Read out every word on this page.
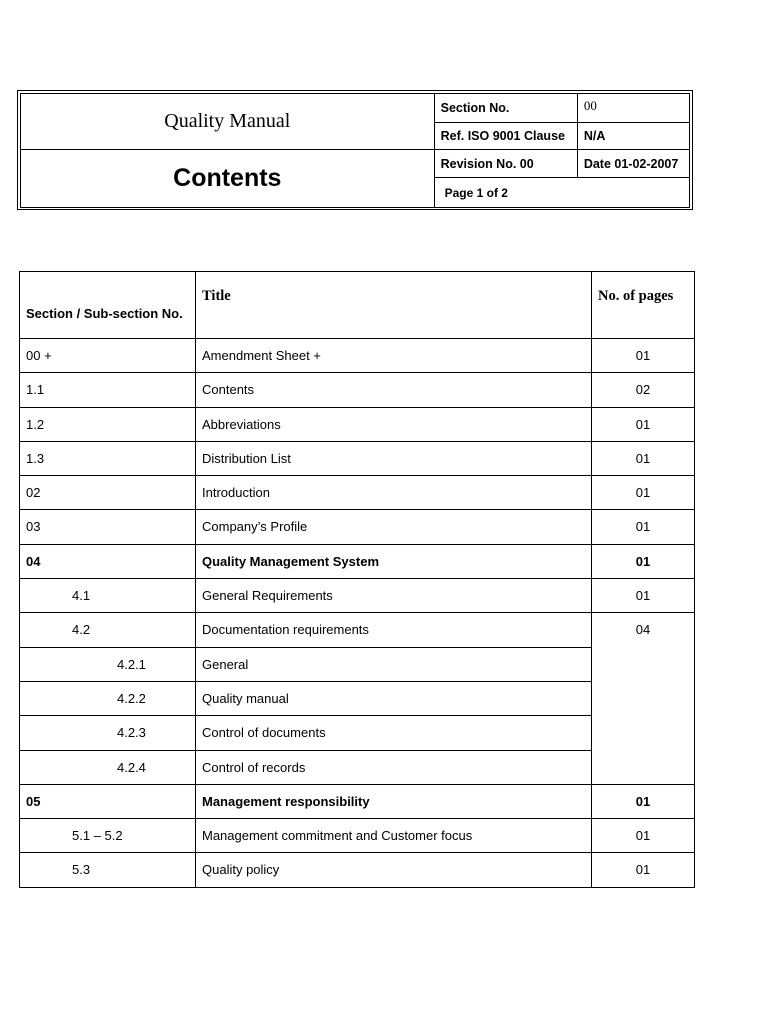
Quality Manual	Section No.	00
	Ref. ISO 9001 Clause	N/A
Contents	Revision No. 00	Date 01-02-2007
	Page 1 of 2	
Section / Sub-section No.	Title	No. of pages

00 +	Amendment Sheet +	01
1.1	Contents	02
1.2	Abbreviations	01
1.3	Distribution List	01
02	Introduction	01
03	Company’s Profile	01
04	Quality Management System	01
4.1	General Requirements	01
4.2	Documentation requirements	04
4.2.1	General	
4.2.2	Quality manual	
4.2.3	Control of documents	
4.2.4	Control of records	
05	Management responsibility	01
5.1 – 5.2	Management commitment and Customer focus	01
5.3	Quality policy	01
